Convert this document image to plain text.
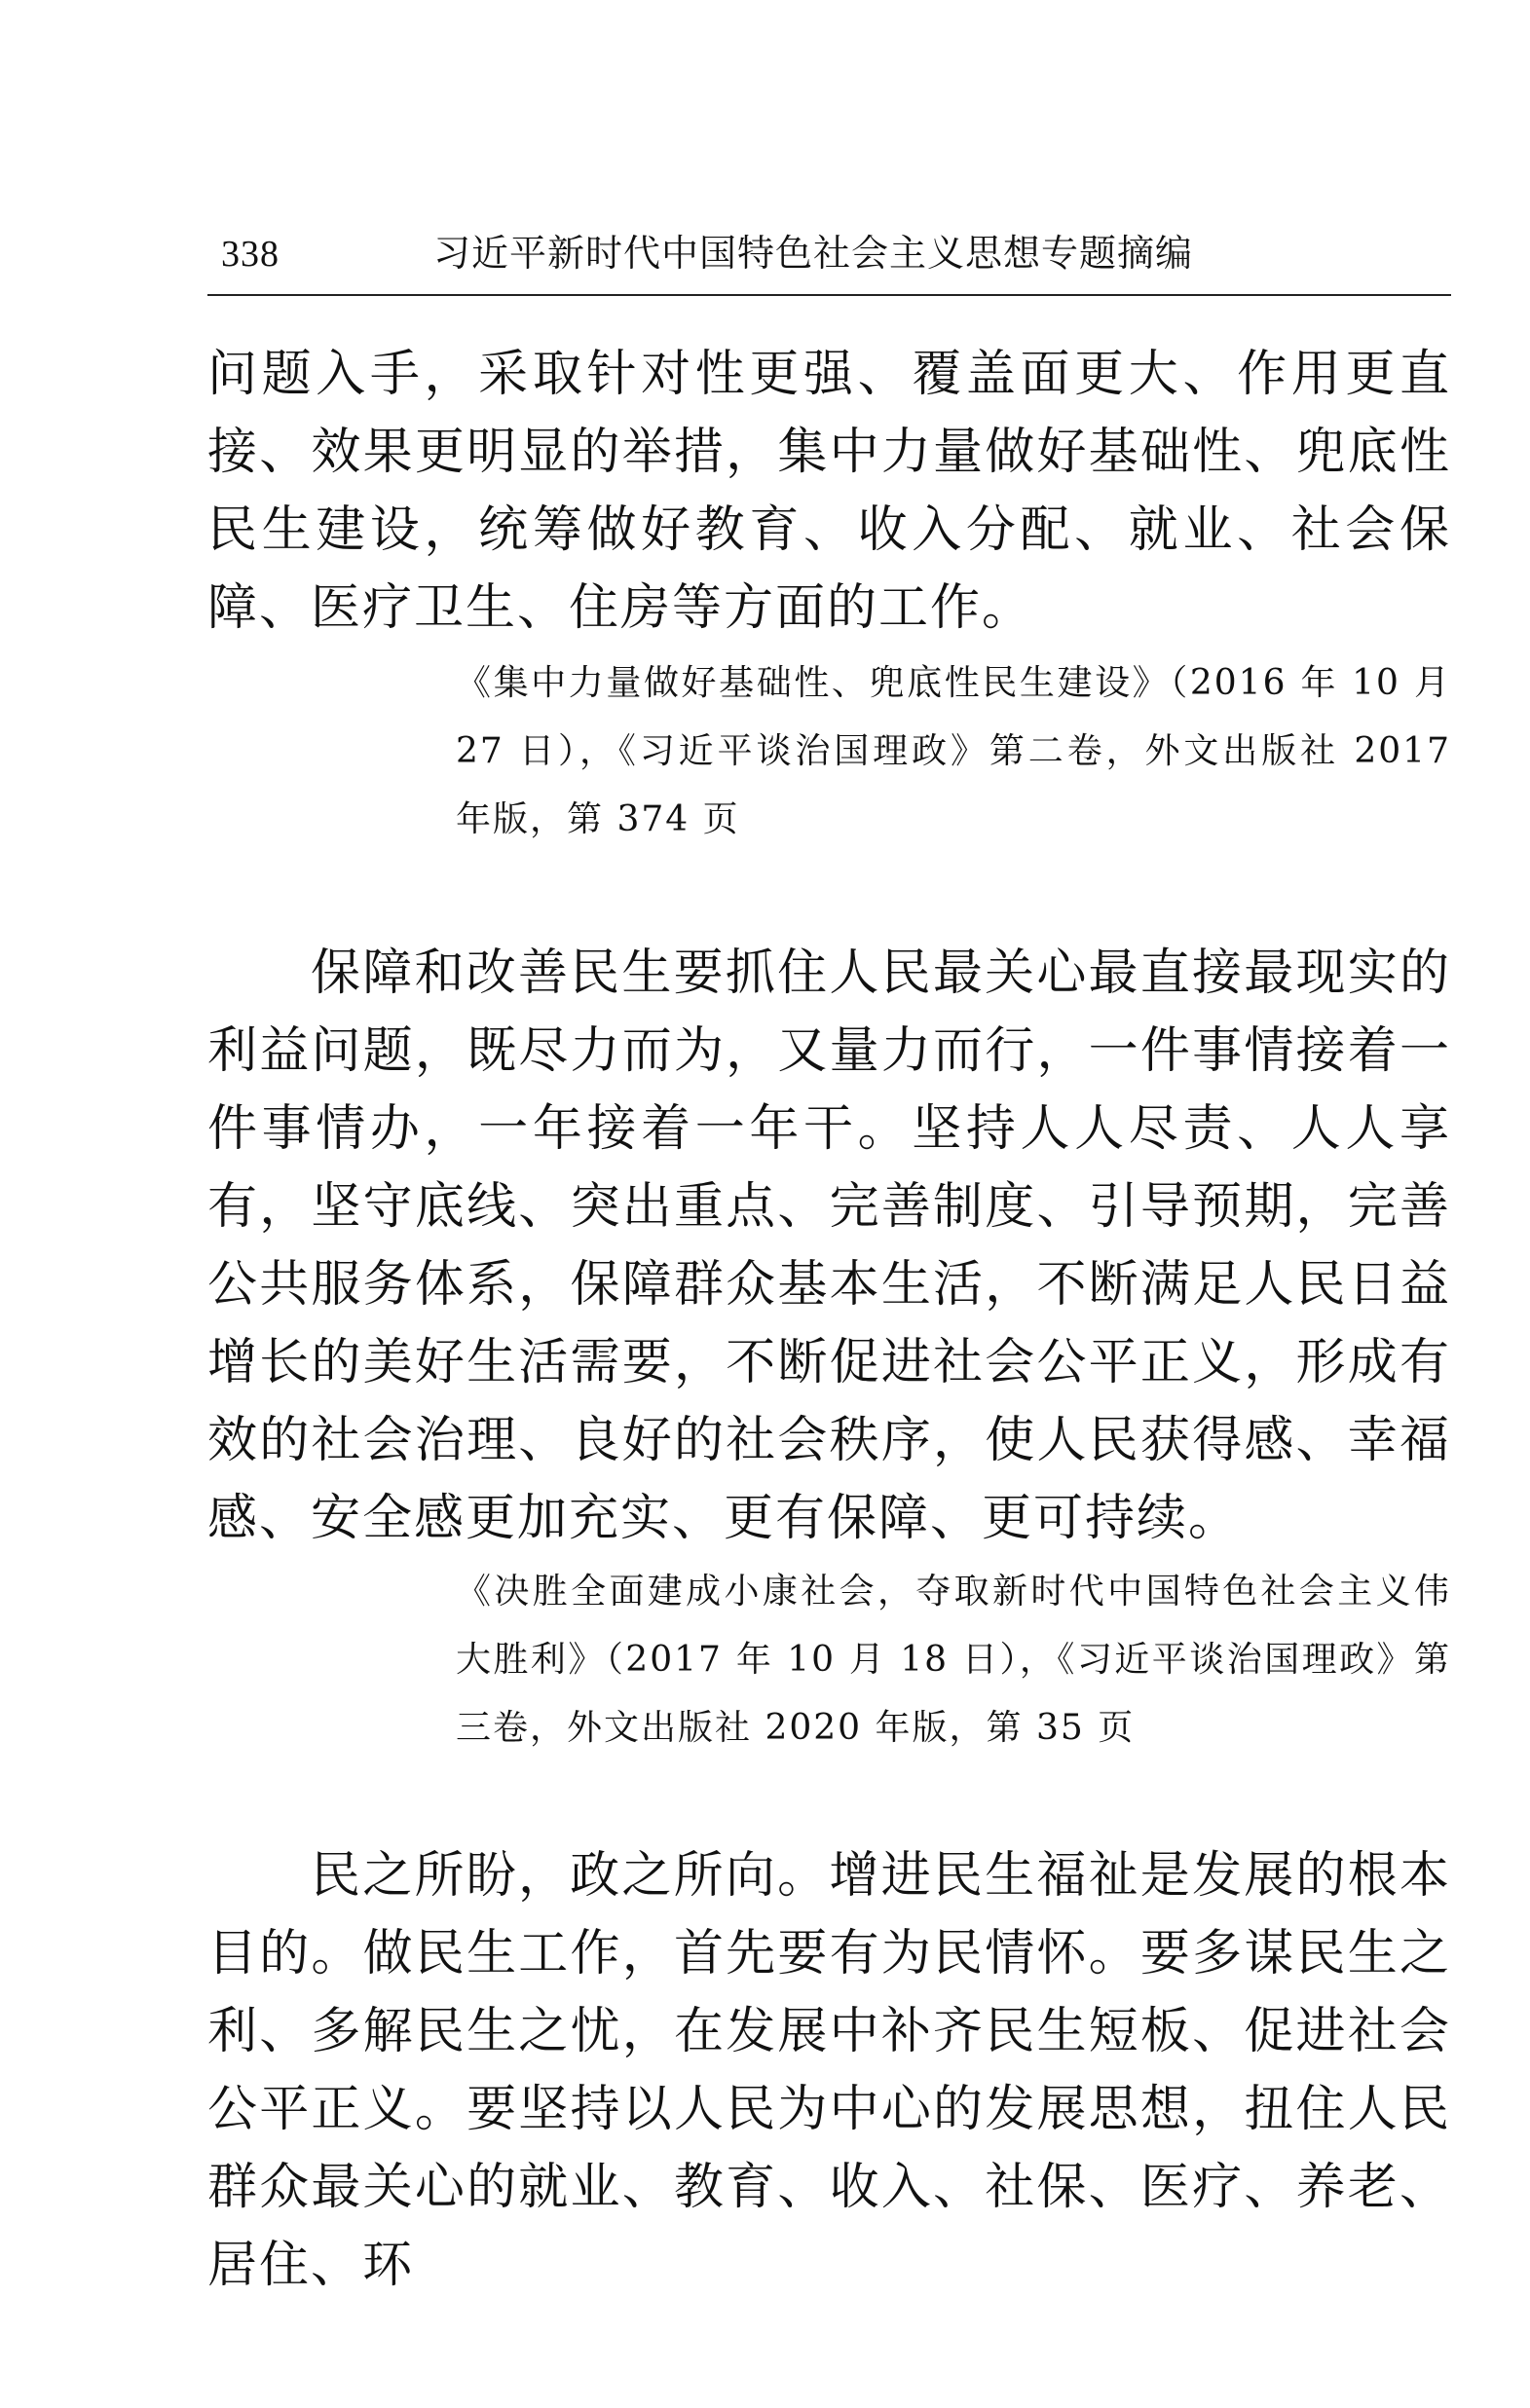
338	习近平新时代中国特色社会主义思想专题摘编

问题入手，采取针对性更强、覆盖面更大、作用更直接、效果更明显的举措，集中力量做好基础性、兜底性民生建设，统筹做好教育、收入分配、就业、社会保障、医疗卫生、住房等方面的工作。

《集中力量做好基础性、兜底性民生建设》（2016 年 10 月 27 日），《习近平谈治国理政》第二卷，外文出版社 2017 年版，第 374 页

保障和改善民生要抓住人民最关心最直接最现实的利益问题，既尽力而为，又量力而行，一件事情接着一件事情办，一年接着一年干。坚持人人尽责、人人享有，坚守底线、突出重点、完善制度、引导预期，完善公共服务体系，保障群众基本生活，不断满足人民日益增长的美好生活需要，不断促进社会公平正义，形成有效的社会治理、良好的社会秩序，使人民获得感、幸福感、安全感更加充实、更有保障、更可持续。

《决胜全面建成小康社会，夺取新时代中国特色社会主义伟大胜利》（2017 年 10 月 18 日），《习近平谈治国理政》第三卷，外文出版社 2020 年版，第 35 页

民之所盼，政之所向。增进民生福祉是发展的根本目的。做民生工作，首先要有为民情怀。要多谋民生之利、多解民生之忧，在发展中补齐民生短板、促进社会公平正义。要坚持以人民为中心的发展思想，扭住人民群众最关心的就业、教育、收入、社保、医疗、养老、居住、环
